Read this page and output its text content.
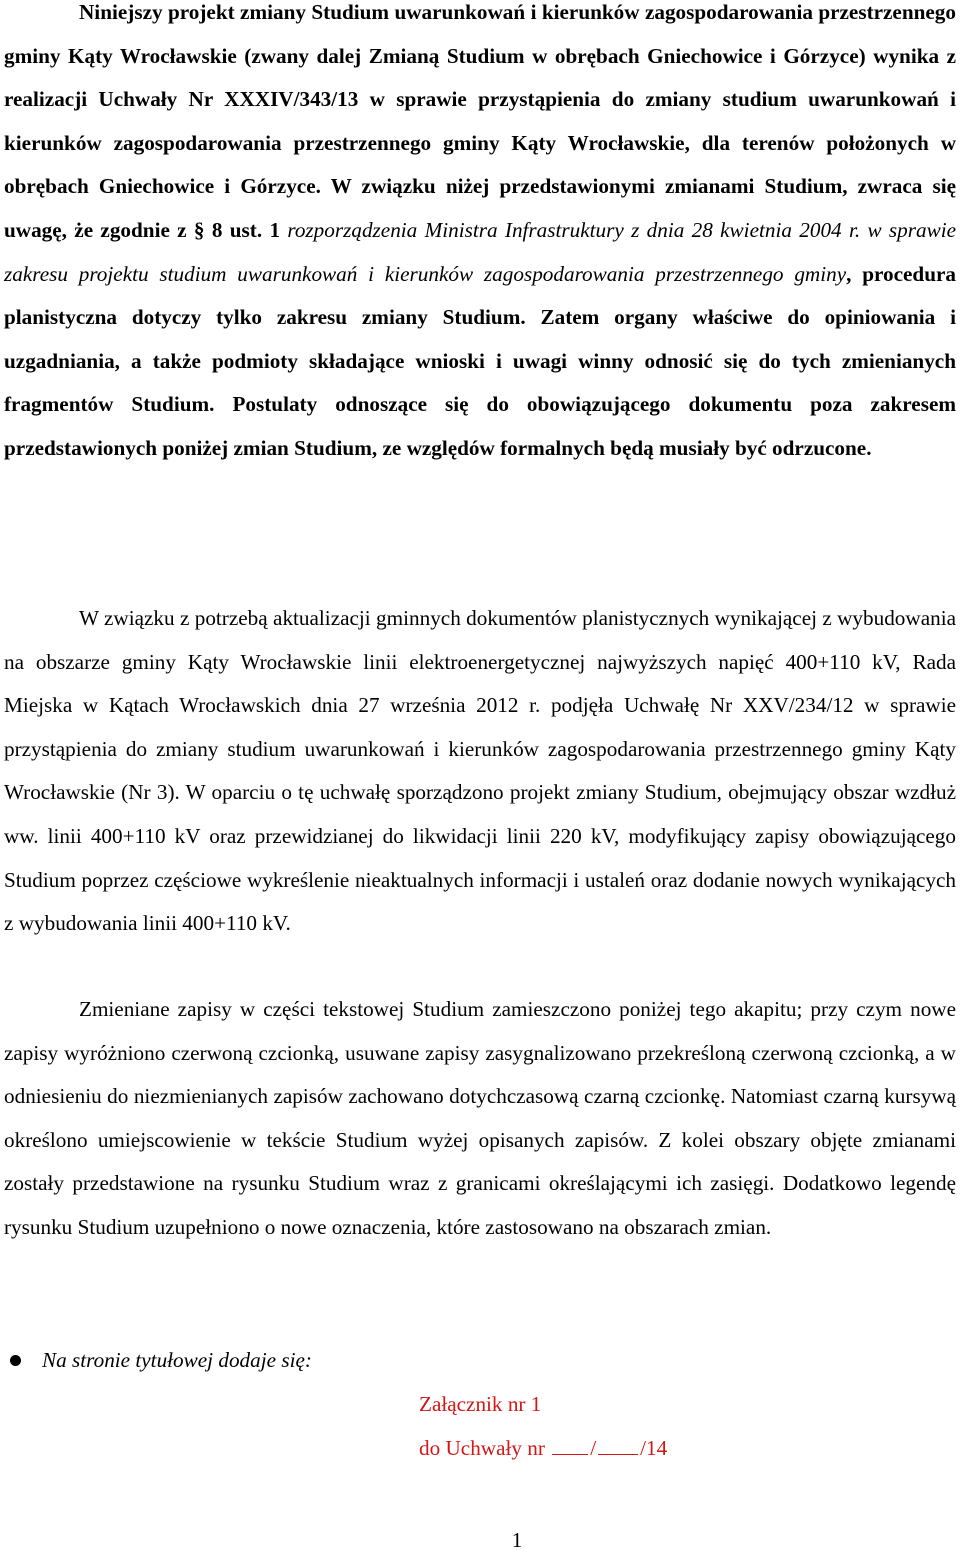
Niniejszy projekt zmiany Studium uwarunkowań i kierunków zagospodarowania przestrzennego gminy Kąty Wrocławskie (zwany dalej Zmianą Studium w obrębach Gniechowice i Górzyce) wynika z realizacji Uchwały Nr XXXIV/343/13 w sprawie przystąpienia do zmiany studium uwarunkowań i kierunków zagospodarowania przestrzennego gminy Kąty Wrocławskie, dla terenów położonych w obrębach Gniechowice i Górzyce. W związku niżej przedstawionymi zmianami Studium, zwraca się uwagę, że zgodnie z § 8 ust. 1 rozporządzenia Ministra Infrastruktury z dnia 28 kwietnia 2004 r. w sprawie zakresu projektu studium uwarunkowań i kierunków zagospodarowania przestrzennego gminy, procedura planistyczna dotyczy tylko zakresu zmiany Studium. Zatem organy właściwe do opiniowania i uzgadniania, a także podmioty składające wnioski i uwagi winny odnosić się do tych zmienianych fragmentów Studium. Postulaty odnoszące się do obowiązującego dokumentu poza zakresem przedstawionych poniżej zmian Studium, ze względów formalnych będą musiały być odrzucone.

W związku z potrzebą aktualizacji gminnych dokumentów planistycznych wynikającej z wybudowania na obszarze gminy Kąty Wrocławskie linii elektroenergetycznej najwyższych napięć 400+110 kV, Rada Miejska w Kątach Wrocławskich dnia 27 września 2012 r. podjęła Uchwałę Nr XXV/234/12 w sprawie przystąpienia do zmiany studium uwarunkowań i kierunków zagospodarowania przestrzennego gminy Kąty Wrocławskie (Nr 3). W oparciu o tę uchwałę sporządzono projekt zmiany Studium, obejmujący obszar wzdłuż ww. linii 400+110 kV oraz przewidzianej do likwidacji linii 220 kV, modyfikujący zapisy obowiązującego Studium poprzez częściowe wykreślenie nieaktualnych informacji i ustaleń oraz dodanie nowych wynikających z wybudowania linii 400+110 kV.

Zmieniane zapisy w części tekstowej Studium zamieszczono poniżej tego akapitu; przy czym nowe zapisy wyróżniono czerwoną czcionką, usuwane zapisy zasygnalizowano przekreśloną czerwoną czcionką, a w odniesieniu do niezmienianych zapisów zachowano dotychczasową czarną czcionkę. Natomiast czarną kursywą określono umiejscowienie w tekście Studium wyżej opisanych zapisów. Z kolei obszary objęte zmianami zostały przedstawione na rysunku Studium wraz z granicami określającymi ich zasięgi. Dodatkowo legendę rysunku Studium uzupełniono o nowe oznaczenia, które zastosowano na obszarach zmian.

Na stronie tytułowej dodaje się:
Załącznik nr 1
do Uchwały nr / /14
1
